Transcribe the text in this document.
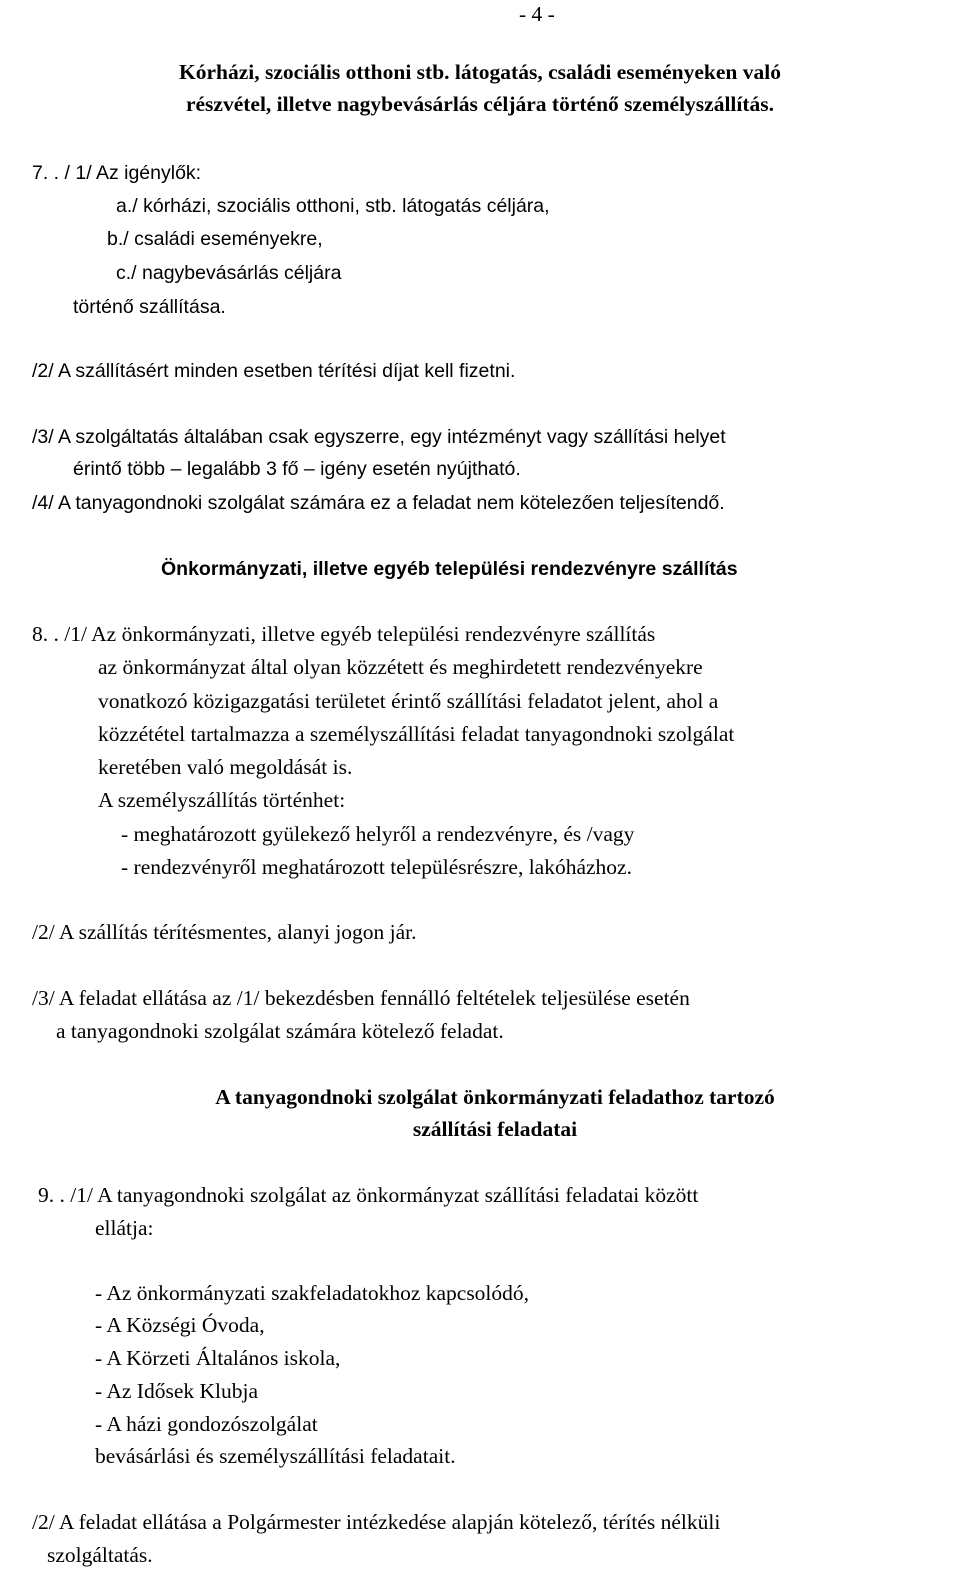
- 4 -
Kórházi, szociális otthoni stb. látogatás, családi eseményeken való
részvétel, illetve nagybevásárlás céljára történő személyszállítás.
7. . / 1/ Az igénylők:
a./ kórházi, szociális otthoni, stb. látogatás céljára,
b./ családi eseményekre,
c./ nagybevásárlás céljára
történő szállítása.
/2/ A szállításért minden esetben térítési díjat kell fizetni.
/3/ A szolgáltatás általában csak egyszerre, egy intézményt vagy szállítási helyet
érintő több – legalább 3 fő – igény esetén nyújtható.
/4/ A tanyagondnoki szolgálat számára ez a feladat nem kötelezően teljesítendő.
Önkormányzati, illetve egyéb települési rendezvényre szállítás
8. . /1/ Az önkormányzati, illetve egyéb települési rendezvényre szállítás
az önkormányzat által olyan közzétett és meghirdetett rendezvényekre
vonatkozó közigazgatási területet érintő szállítási feladatot jelent, ahol a
közzététel tartalmazza a személyszállítási feladat tanyagondnoki szolgálat
keretében való megoldását is.
A személyszállítás történhet:
- meghatározott gyülekező helyről a rendezvényre, és /vagy
- rendezvényről meghatározott településrészre, lakóházhoz.
/2/ A szállítás térítésmentes, alanyi jogon jár.
/3/ A feladat ellátása az /1/ bekezdésben fennálló feltételek teljesülése esetén
a tanyagondnoki szolgálat számára kötelező feladat.
A tanyagondnoki szolgálat önkormányzati feladathoz tartozó
szállítási feladatai
9. . /1/ A tanyagondnoki szolgálat az önkormányzat szállítási feladatai között
ellátja:
- Az önkormányzati szakfeladatokhoz kapcsolódó,
- A Községi Óvoda,
- A Körzeti Általános iskola,
- Az Idősek Klubja
- A házi gondozószolgálat
bevásárlási és személyszállítási feladatait.
/2/ A feladat ellátása a Polgármester intézkedése alapján kötelező, térítés nélküli
szolgáltatás.
